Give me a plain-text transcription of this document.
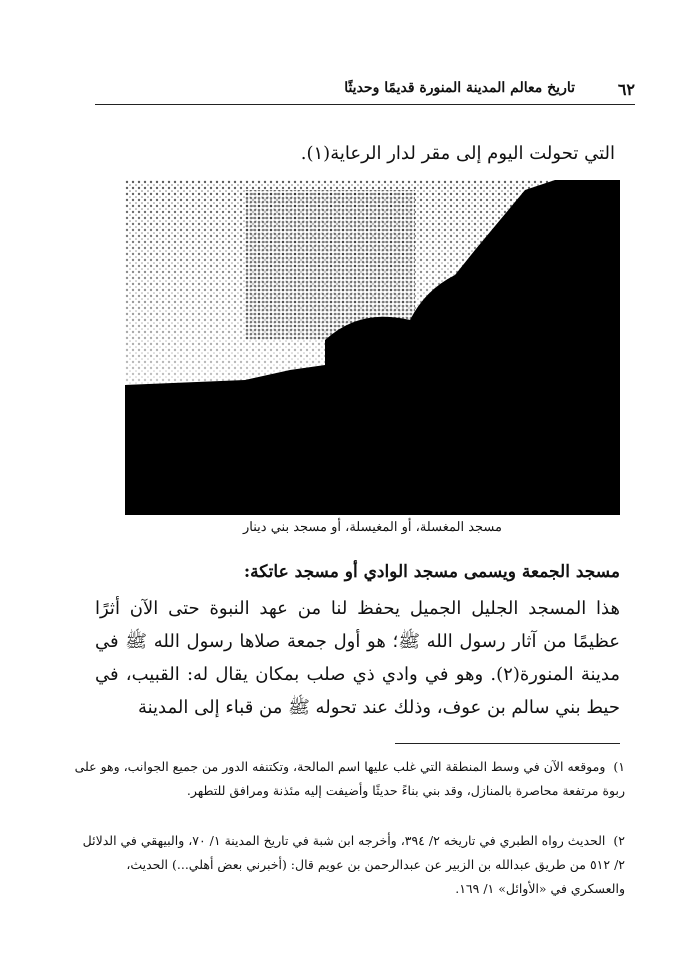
٦٢
تاريخ معالم المدينة المنورة قديمًا وحديثًا
التي تحولت اليوم إلى مقر لدار الرعاية(١).
مسجد المغسلة، أو المغيسلة، أو مسجد بني دينار
مسجد الجمعة ويسمى مسجد الوادي أو مسجد عاتكة:
هذا المسجد الجليل الجميل يحفظ لنا من عهد النبوة حتى الآن أثرًا عظيمًا من آثار رسول الله ﷺ؛ هو أول جمعة صلاها رسول الله ﷺ في مدينة المنورة(٢). وهو في وادي ذي صلب بمكان يقال له: القبيب، في حيط بني سالم بن عوف، وذلك عند تحوله ﷺ من قباء إلى المدينة
١)وموقعه الآن في وسط المنطقة التي غلب عليها اسم المالحة، وتكتنفه الدور من جميع الجوانب، وهو على ربوة مرتفعة محاصرة بالمنازل، وقد بني بناءً حديثًا وأضيفت إليه مئذنة ومرافق للتطهر.
٢)الحديث رواه الطبري في تاريخه ٢/ ٣٩٤، وأخرجه ابن شبة في تاريخ المدينة ١/ ٧٠، والبيهقي في الدلائل ٢/ ٥١٢ من طريق عبدالله بن الزبير عن عبدالرحمن بن عويم قال: (أخبرني بعض أهلي...) الحديث، والعسكري في «الأوائل» ١/ ١٦٩.
